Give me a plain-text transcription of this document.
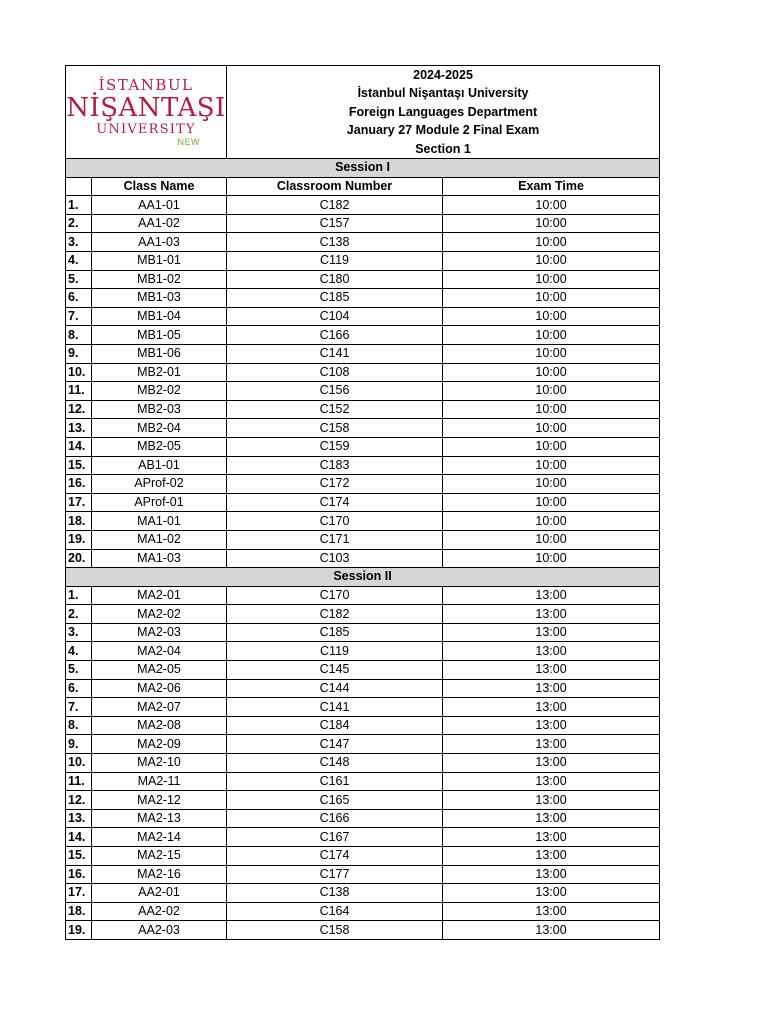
İSTANBUL
NİŞANTAŞI
UNIVERSITY
NEW		2024-2025
İstanbul Nişantaşı University
Foreign Languages Department
January 27 Module 2 Final Exam
Section 1	

Session I			
	Class Name	Classroom Number	Exam Time
1.	AA1-01	C182	10:00
2.	AA1-02	C157	10:00
3.	AA1-03	C138	10:00
4.	MB1-01	C119	10:00
5.	MB1-02	C180	10:00
6.	MB1-03	C185	10:00
7.	MB1-04	C104	10:00
8.	MB1-05	C166	10:00
9.	MB1-06	C141	10:00
10.	MB2-01	C108	10:00
11.	MB2-02	C156	10:00
12.	MB2-03	C152	10:00
13.	MB2-04	C158	10:00
14.	MB2-05	C159	10:00
15.	AB1-01	C183	10:00
16.	AProf-02	C172	10:00
17.	AProf-01	C174	10:00
18.	MA1-01	C170	10:00
19.	MA1-02	C171	10:00
20.	MA1-03	C103	10:00
Session II			
1.	MA2-01	C170	13:00
2.	MA2-02	C182	13:00
3.	MA2-03	C185	13:00
4.	MA2-04	C119	13:00
5.	MA2-05	C145	13:00
6.	MA2-06	C144	13:00
7.	MA2-07	C141	13:00
8.	MA2-08	C184	13:00
9.	MA2-09	C147	13:00
10.	MA2-10	C148	13:00
11.	MA2-11	C161	13:00
12.	MA2-12	C165	13:00
13.	MA2-13	C166	13:00
14.	MA2-14	C167	13:00
15.	MA2-15	C174	13:00
16.	MA2-16	C177	13:00
17.	AA2-01	C138	13:00
18.	AA2-02	C164	13:00
19.	AA2-03	C158	13:00
